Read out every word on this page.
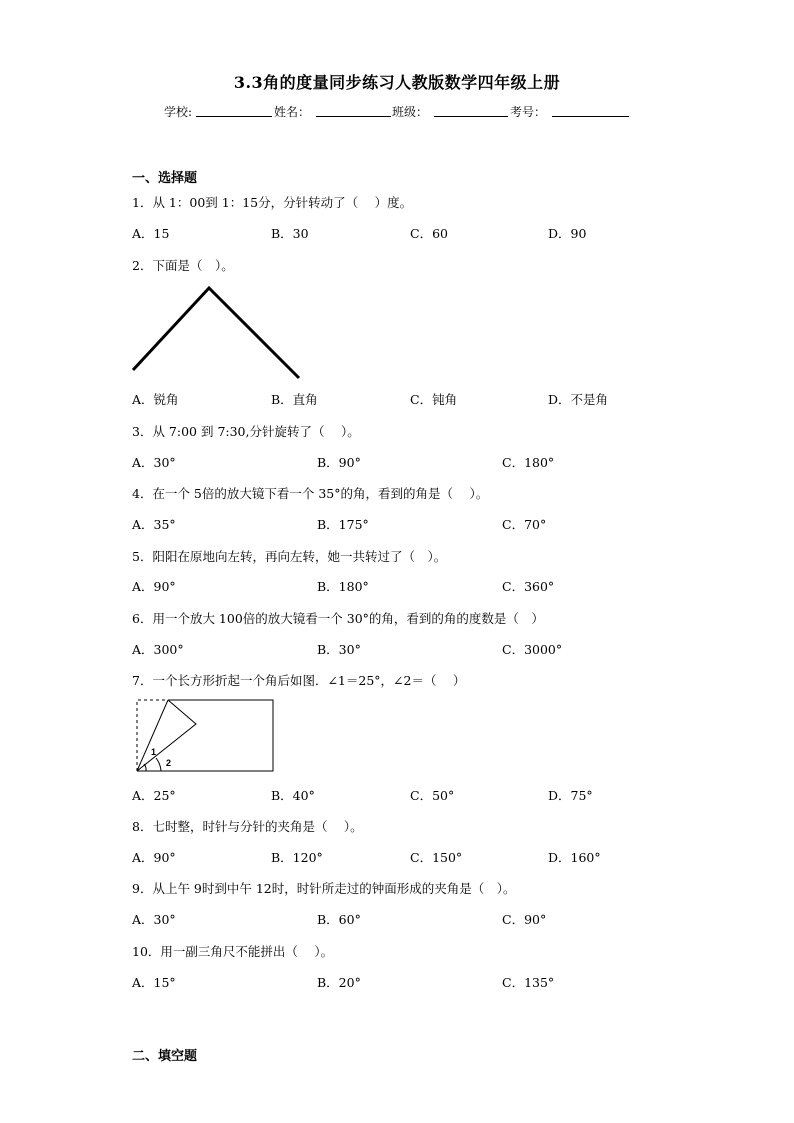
3.3角的度量同步练习人教版数学四年级上册
学校:	姓名：	班级：	考号：
一、选择题
1．从 1：00到 1：15分，分针转动了（　 ）度。
A．15	B．30	C．60	D．90
2．下面是（　）。
A．锐角	B．直角	C．钝角	D．不是角
3．从 7:00 到 7:30,分针旋转了（　 ）。
A．30°	B．90°	C．180°
4．在一个 5倍的放大镜下看一个 35°的角，看到的角是（　 ）。
A．35°	B．175°	C．70°
5．阳阳在原地向左转，再向左转，她一共转过了（　）。
A．90°	B．180°	C．360°
6．用一个放大 100倍的放大镜看一个 30°的角，看到的角的度数是（　）
A．300°	B．30°	C．3000°
7．一个长方形折起一个角后如图．∠1＝25°，∠2＝（　 ）
1
2
A．25°	B．40°	C．50°	D．75°
8．七时整，时针与分针的夹角是（　 ）。
A．90°	B．120°	C．150°	D．160°
9．从上午 9时到中午 12时，时针所走过的钟面形成的夹角是（　）。
A．30°	B．60°	C．90°
10．用一副三角尺不能拼出（　 ）。
A．15°	B．20°	C．135°
二、填空题
